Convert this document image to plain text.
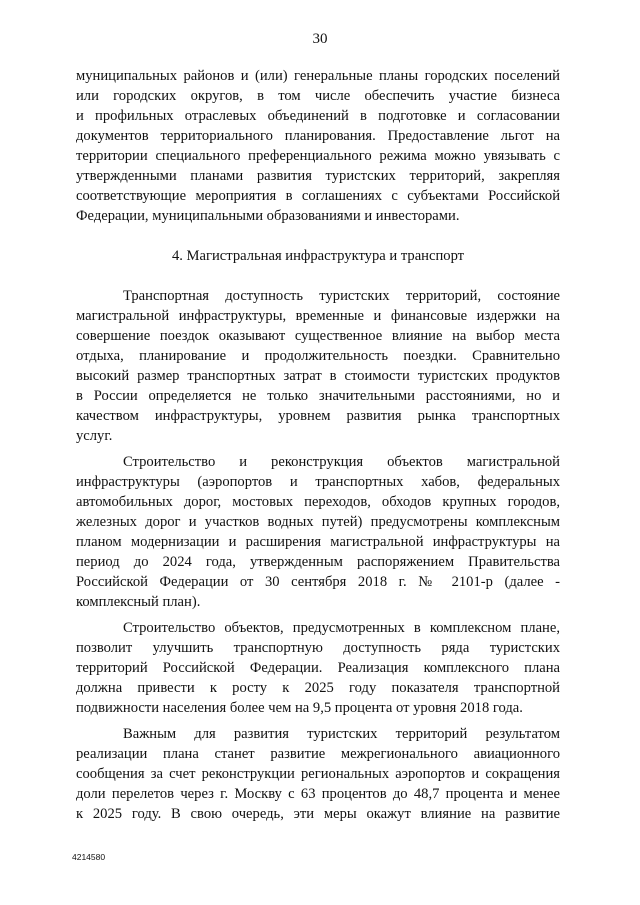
30
муниципальных районов и (или) генеральные планы городских поселений
или городских округов, в том числе обеспечить участие бизнеса
и профильных отраслевых объединений в подготовке и согласовании
документов территориального планирования. Предоставление льгот на
территории специального преференциального режима можно увязывать с
утвержденными планами развития туристских территорий, закрепляя
соответствующие мероприятия в соглашениях с субъектами Российской
Федерации, муниципальными образованиями и инвесторами.
4. Магистральная инфраструктура и транспорт
Транспортная доступность туристских территорий, состояние
магистральной инфраструктуры, временные и финансовые издержки на
совершение поездок оказывают существенное влияние на выбор места
отдыха, планирование и продолжительность поездки. Сравнительно
высокий размер транспортных затрат в стоимости туристских продуктов
в России определяется не только значительными расстояниями, но и
качеством инфраструктуры, уровнем развития рынка транспортных
услуг.
Строительство и реконструкция объектов магистральной
инфраструктуры (аэропортов и транспортных хабов, федеральных
автомобильных дорог, мостовых переходов, обходов крупных городов,
железных дорог и участков водных путей) предусмотрены комплексным
планом модернизации и расширения магистральной инфраструктуры на
период до 2024 года, утвержденным распоряжением Правительства
Российской Федерации от 30 сентября 2018 г. № 2101-р (далее -
комплексный план).
Строительство объектов, предусмотренных в комплексном плане,
позволит улучшить транспортную доступность ряда туристских
территорий Российской Федерации. Реализация комплексного плана
должна привести к росту к 2025 году показателя транспортной
подвижности населения более чем на 9,5 процента от уровня 2018 года.
Важным для развития туристских территорий результатом
реализации плана станет развитие межрегионального авиационного
сообщения за счет реконструкции региональных аэропортов и сокращения
доли перелетов через г. Москву с 63 процентов до 48,7 процента и менее
к 2025 году. В свою очередь, эти меры окажут влияние на развитие
4214580
